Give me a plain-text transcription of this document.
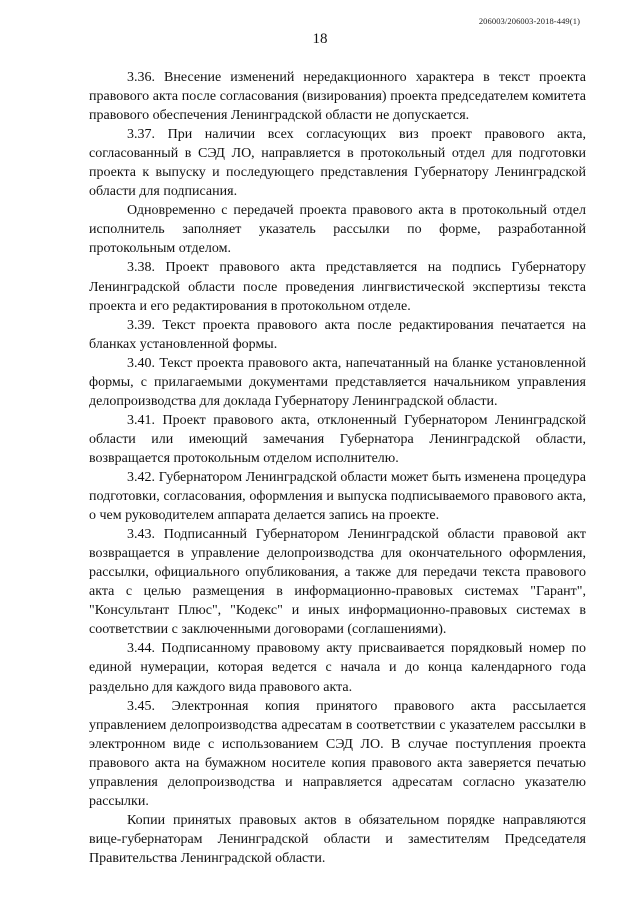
206003/206003-2018-449(1)
18

3.36. Внесение изменений нередакционного характера в текст проекта правового акта после согласования (визирования) проекта председателем комитета правового обеспечения Ленинградской области не допускается.

3.37. При наличии всех согласующих виз проект правового акта, согласованный в СЭД ЛО, направляется в протокольный отдел для подготовки проекта к выпуску и последующего представления Губернатору Ленинградской области для подписания.

Одновременно с передачей проекта правового акта в протокольный отдел исполнитель заполняет указатель рассылки по форме, разработанной протокольным отделом.

3.38. Проект правового акта представляется на подпись Губернатору Ленинградской области после проведения лингвистической экспертизы текста проекта и его редактирования в протокольном отделе.

3.39. Текст проекта правового акта после редактирования печатается на бланках установленной формы.

3.40. Текст проекта правового акта, напечатанный на бланке установленной формы, с прилагаемыми документами представляется начальником управления делопроизводства для доклада Губернатору Ленинградской области.

3.41. Проект правового акта, отклоненный Губернатором Ленинградской области или имеющий замечания Губернатора Ленинградской области, возвращается протокольным отделом исполнителю.

3.42. Губернатором Ленинградской области может быть изменена процедура подготовки, согласования, оформления и выпуска подписываемого правового акта, о чем руководителем аппарата делается запись на проекте.

3.43. Подписанный Губернатором Ленинградской области правовой акт возвращается в управление делопроизводства для окончательного оформления, рассылки, официального опубликования, а также для передачи текста правового акта с целью размещения в информационно-правовых системах "Гарант", "Консультант Плюс", "Кодекс" и иных информационно-правовых системах в соответствии с заключенными договорами (соглашениями).

3.44. Подписанному правовому акту присваивается порядковый номер по единой нумерации, которая ведется с начала и до конца календарного года раздельно для каждого вида правового акта.

3.45. Электронная копия принятого правового акта рассылается управлением делопроизводства адресатам в соответствии с указателем рассылки в электронном виде с использованием СЭД ЛО. В случае поступления проекта правового акта на бумажном носителе копия правового акта заверяется печатью управления делопроизводства и направляется адресатам согласно указателю рассылки.

Копии принятых правовых актов в обязательном порядке направляются вице-губернаторам Ленинградской области и заместителям Председателя Правительства Ленинградской области.
